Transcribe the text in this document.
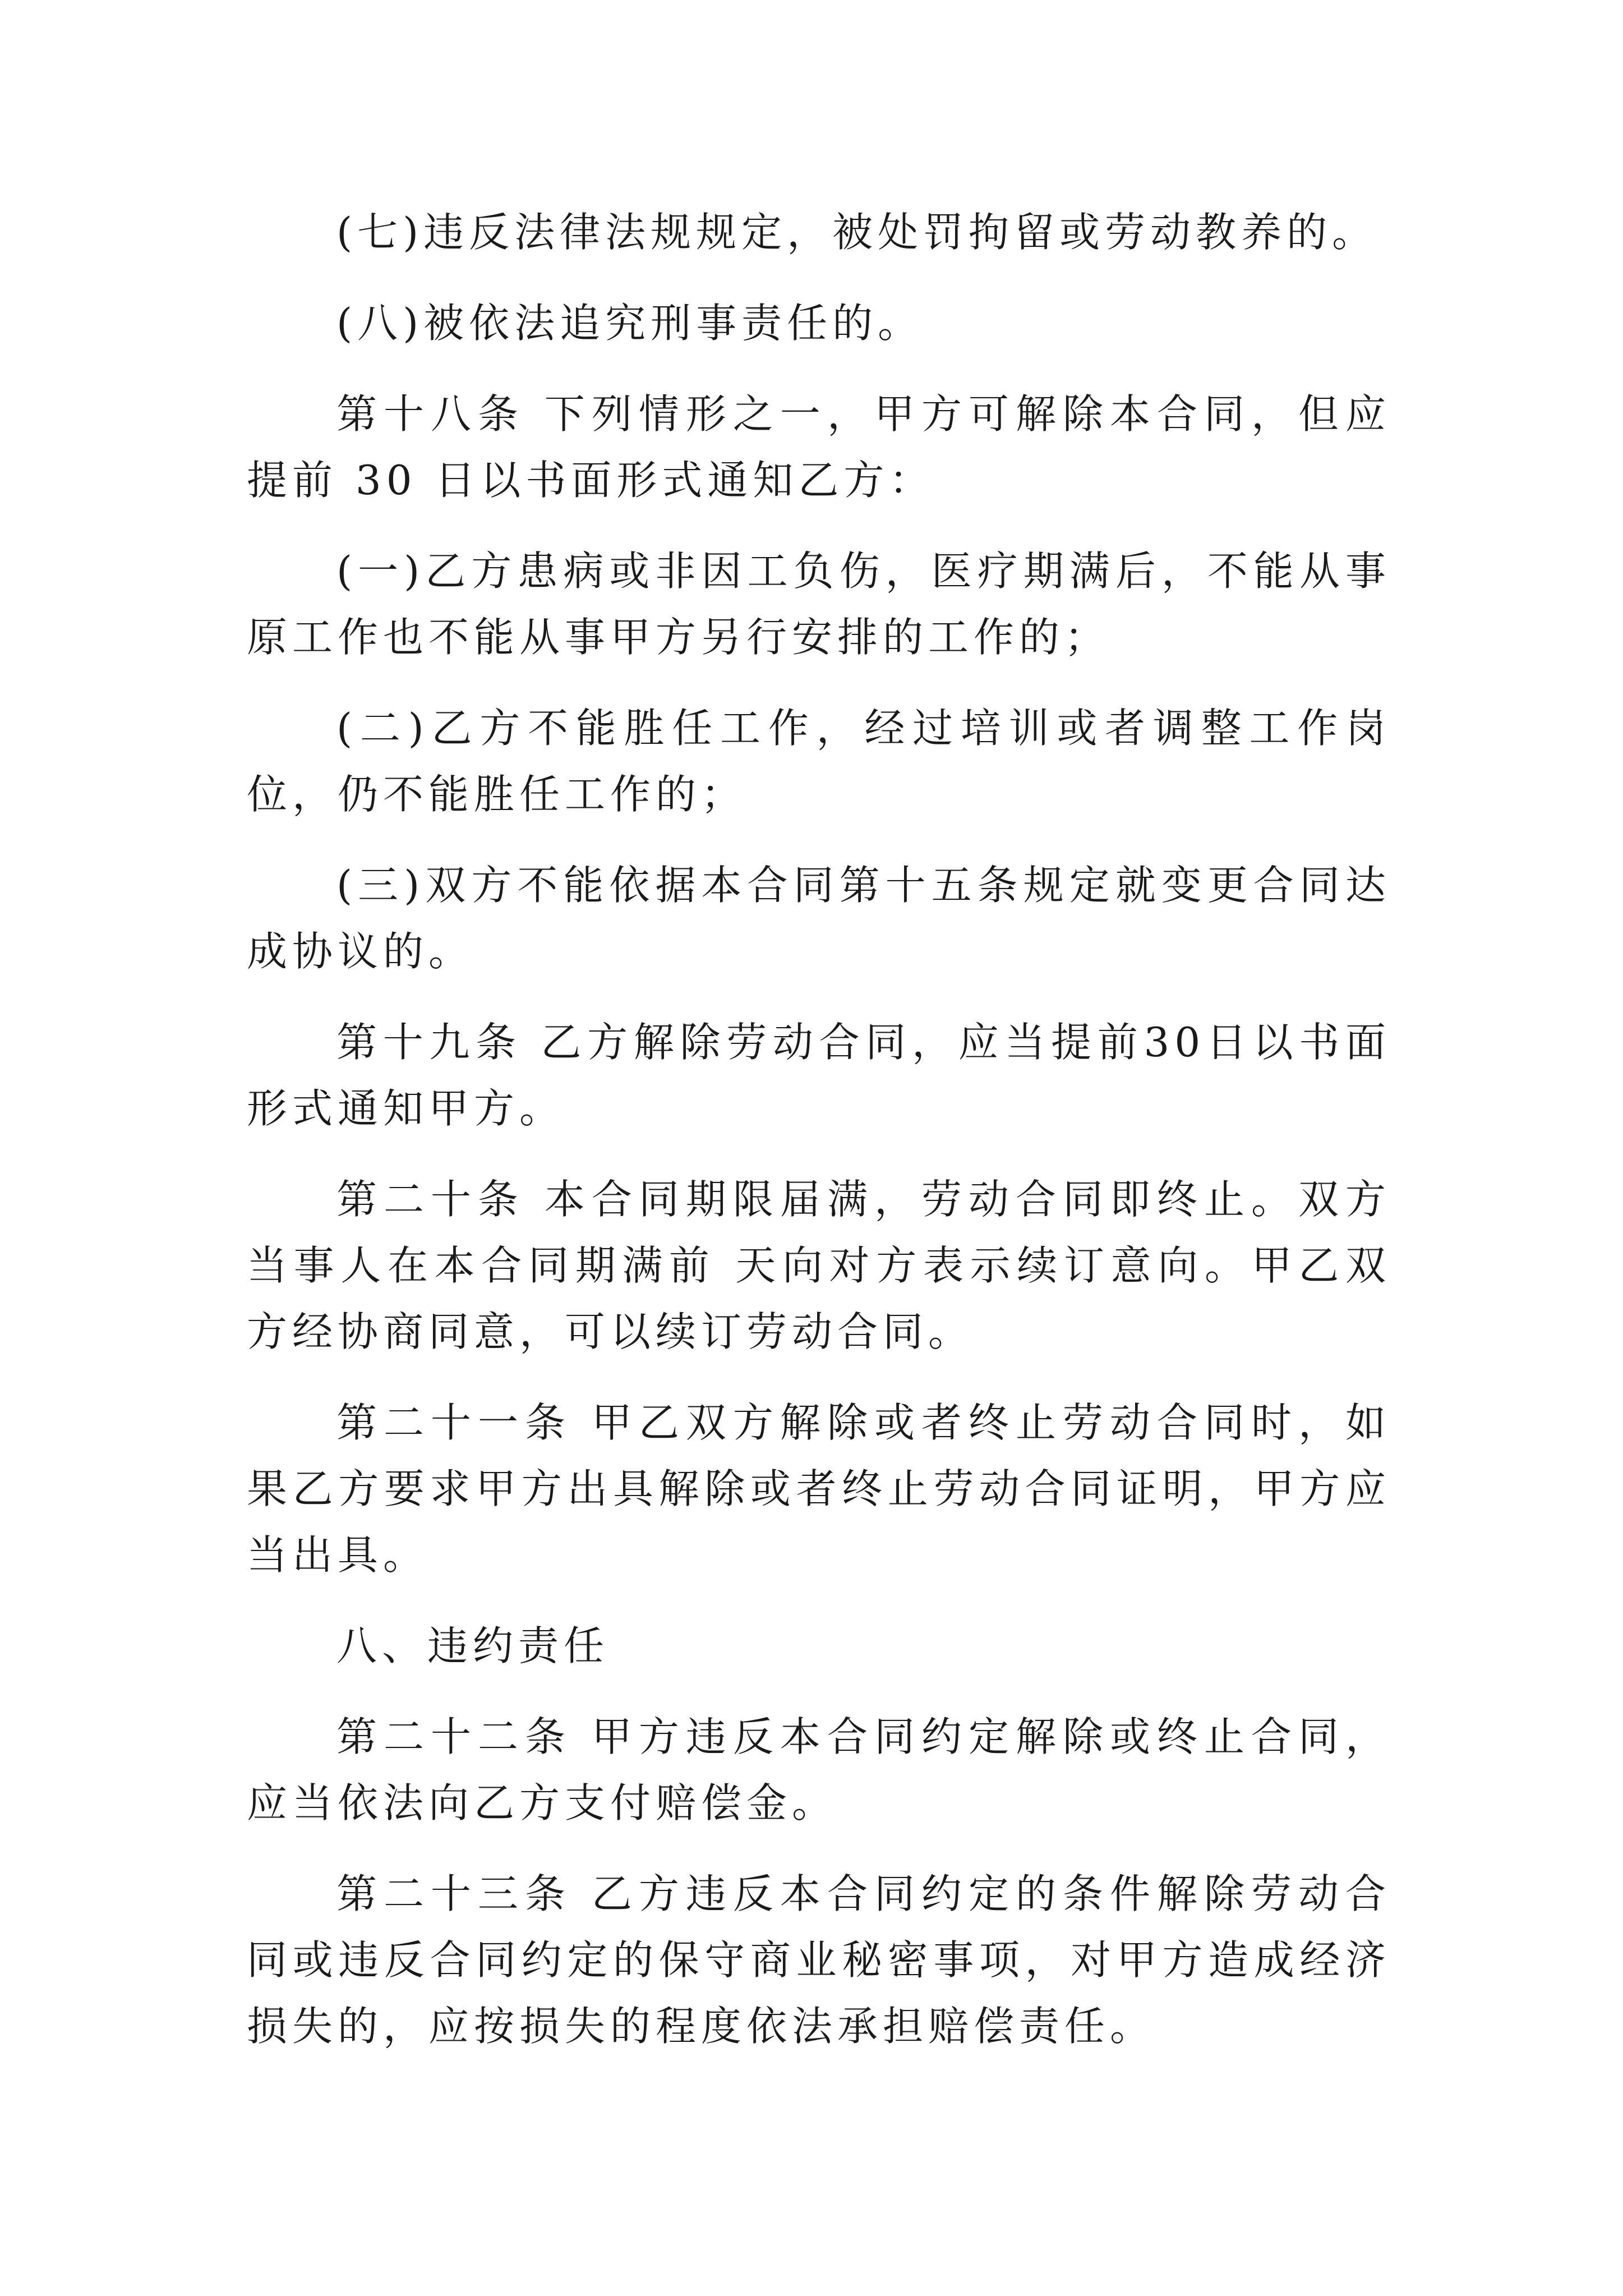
(七)违反法律法规规定，被处罚拘留或劳动教养的。

(八)被依法追究刑事责任的。

第十八条 下列情形之一，甲方可解除本合同，但应提前 30 日以书面形式通知乙方：

(一)乙方患病或非因工负伤，医疗期满后，不能从事原工作也不能从事甲方另行安排的工作的；

(二)乙方不能胜任工作，经过培训或者调整工作岗位，仍不能胜任工作的；

(三)双方不能依据本合同第十五条规定就变更合同达成协议的。

第十九条 乙方解除劳动合同，应当提前30日以书面形式通知甲方。

第二十条 本合同期限届满，劳动合同即终止。双方当事人在本合同期满前 天向对方表示续订意向。甲乙双方经协商同意，可以续订劳动合同。

第二十一条 甲乙双方解除或者终止劳动合同时，如果乙方要求甲方出具解除或者终止劳动合同证明，甲方应当出具。

八、违约责任

第二十二条 甲方违反本合同约定解除或终止合同，应当依法向乙方支付赔偿金。

第二十三条 乙方违反本合同约定的条件解除劳动合同或违反合同约定的保守商业秘密事项，对甲方造成经济损失的，应按损失的程度依法承担赔偿责任。
